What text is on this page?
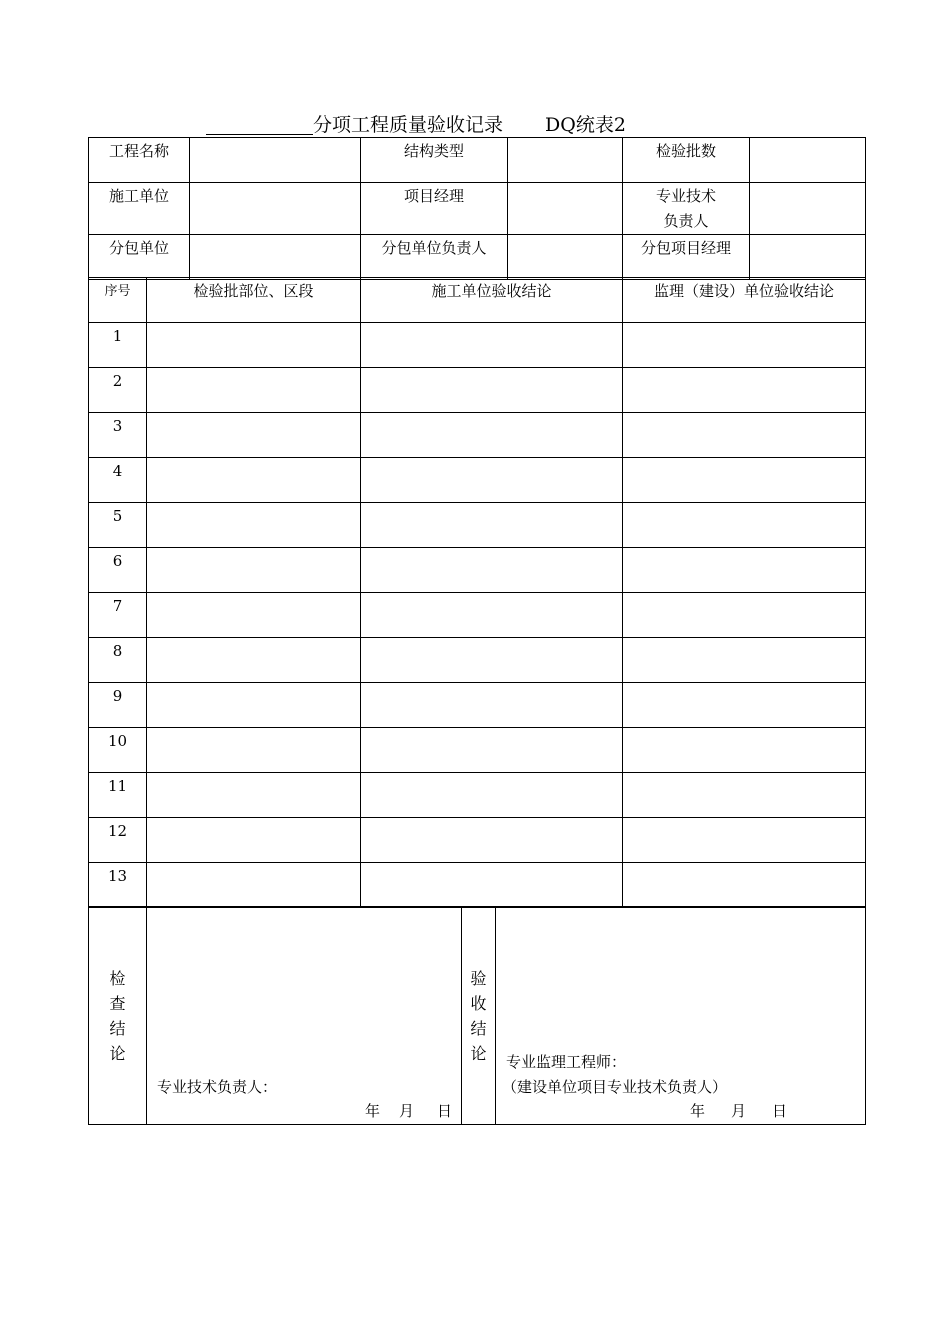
分项工程质量验收记录 DQ统表2
工程名称		结构类型		检验批数	
施工单位		项目经理		专业技术
负责人	

分包单位		分包单位负责人		分包项目经理	
序号	检验批部位、区段	施工单位验收结论	监理（建设）单位验收结论
1			
2			
3			
4			
5			
6			
7			
8			
9			
10			
11			
12			
13			
检
查
结
论

专业技术负责人：
年 月 日

验
收
结
论	专业监理工程师：
（建设单位项目专业技术负责人）
年 月 日
